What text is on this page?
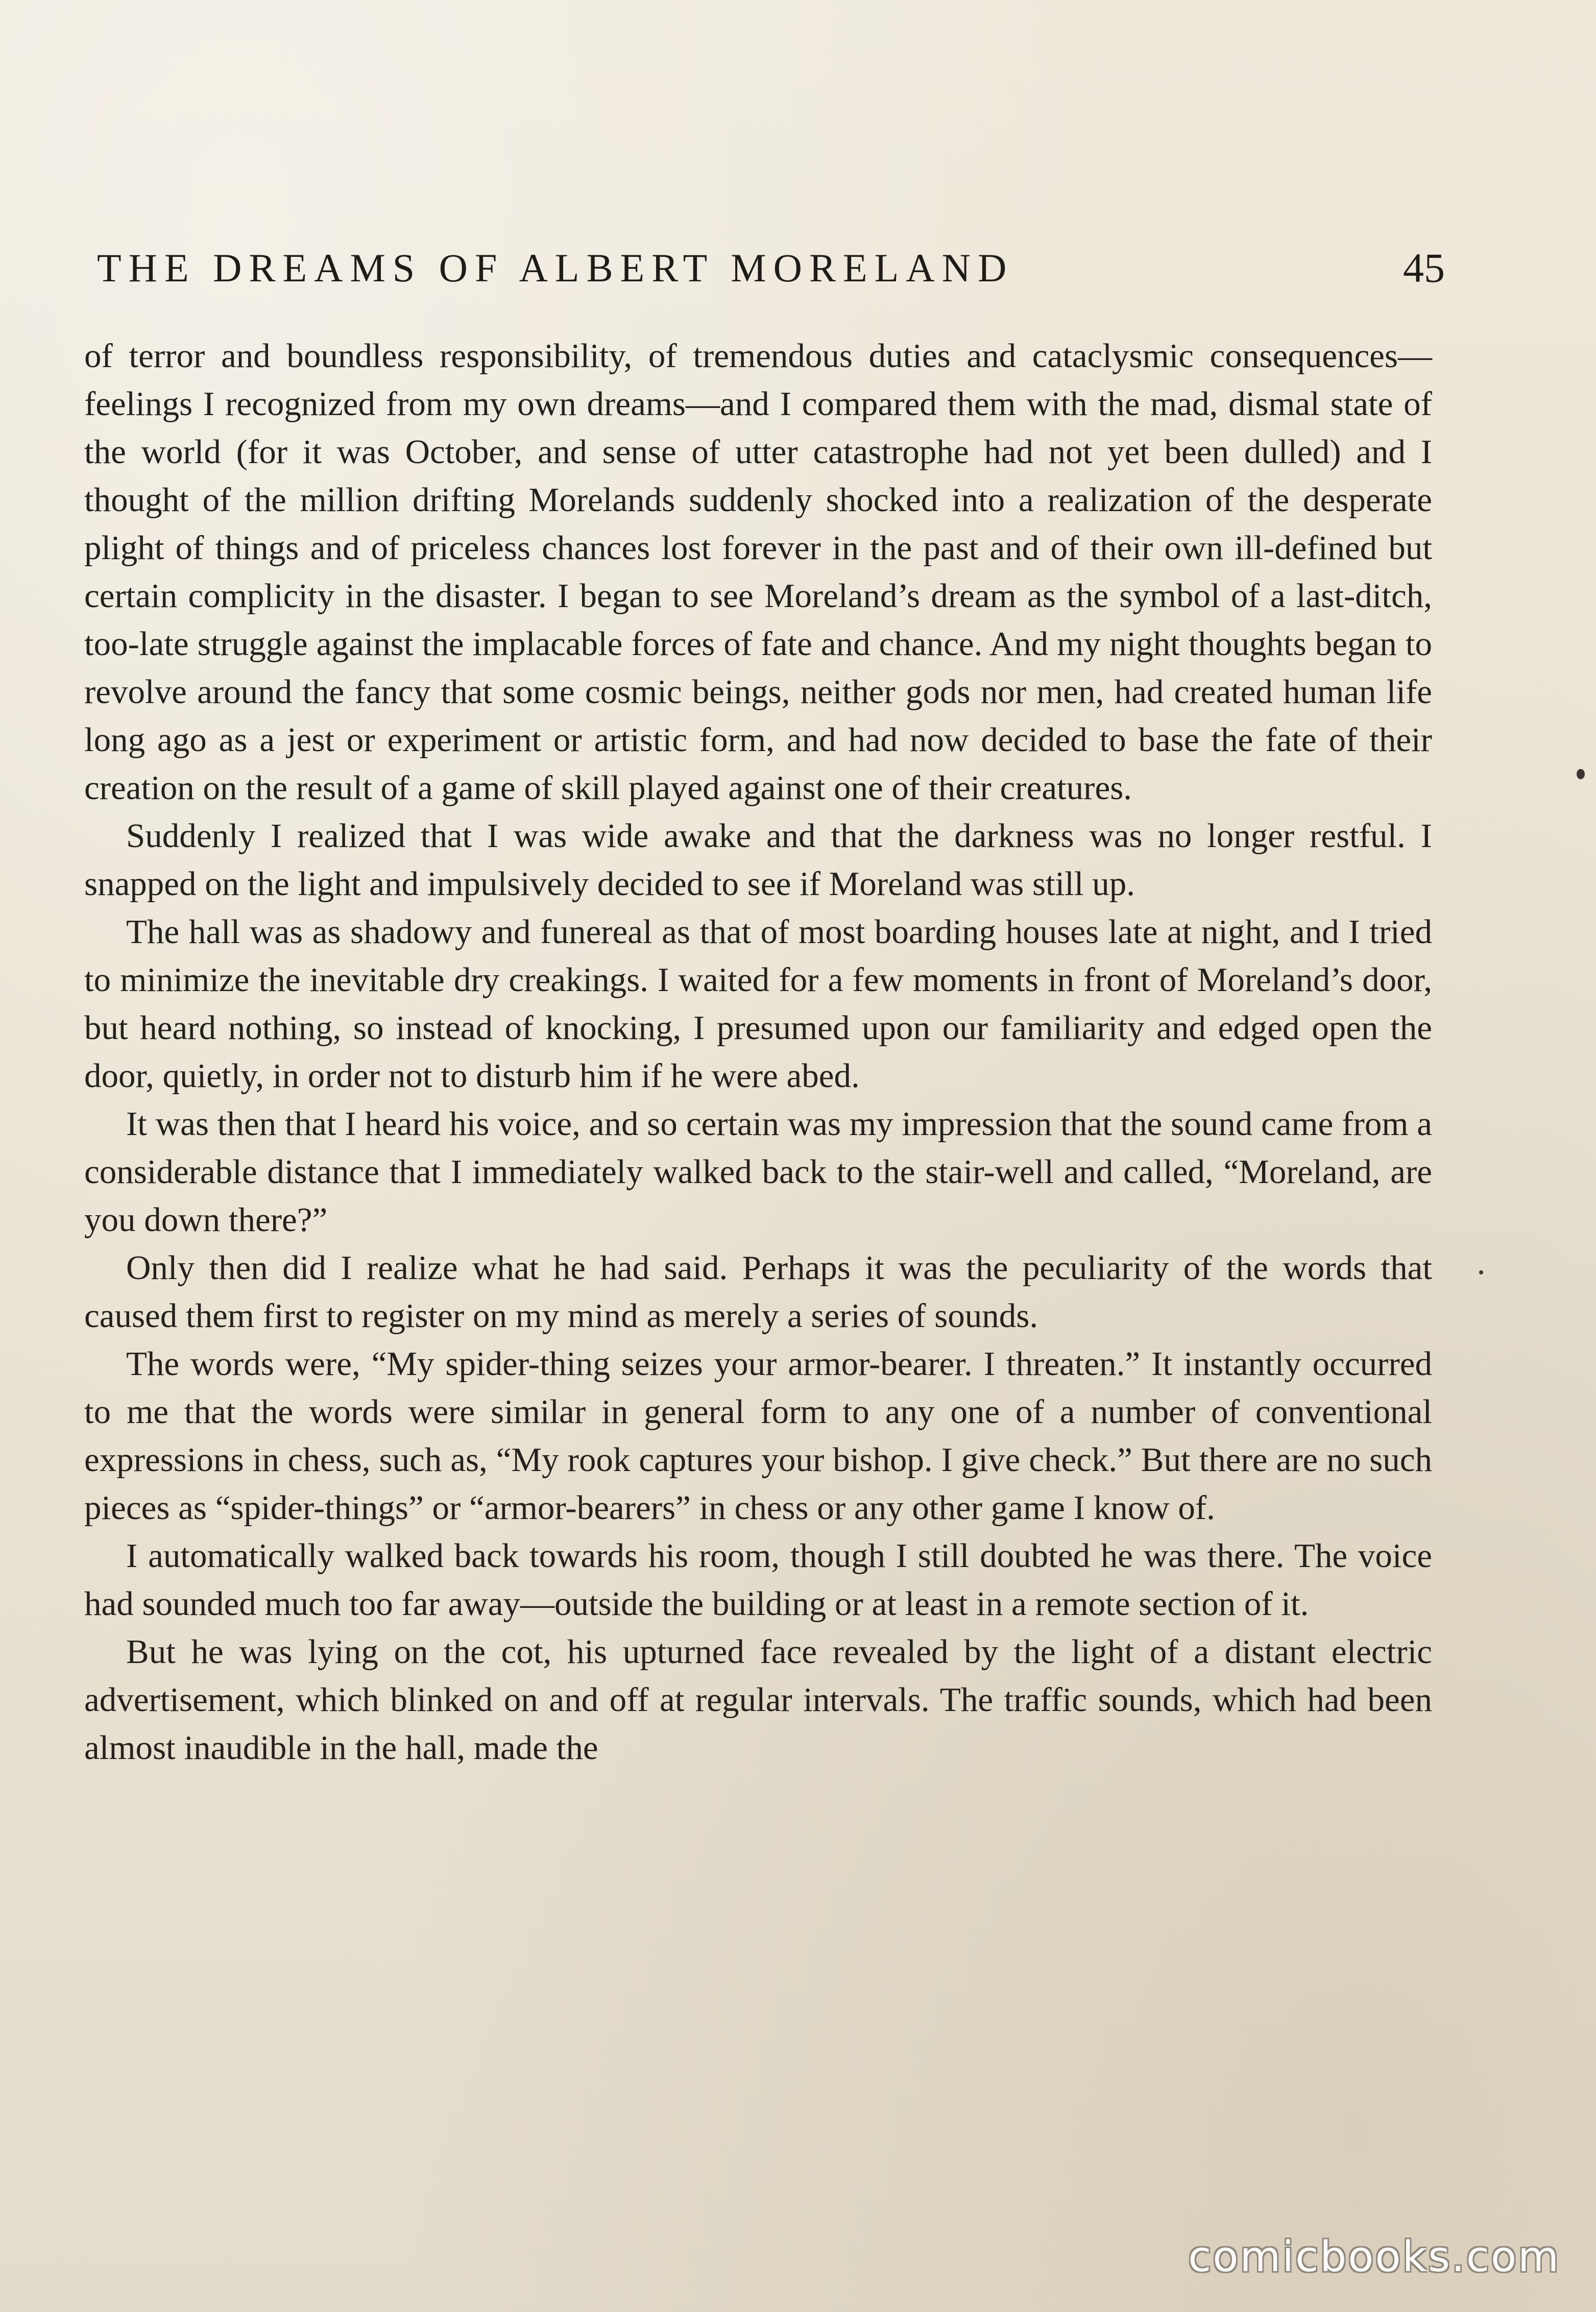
THE DREAMS OF ALBERT MORELAND	45

of terror and boundless responsibility, of tremendous duties and cataclysmic consequences—feelings I recognized from my own dreams—and I compared them with the mad, dismal state of the world (for it was October, and sense of utter catastrophe had not yet been dulled) and I thought of the million drifting Morelands suddenly shocked into a realization of the desperate plight of things and of priceless chances lost forever in the past and of their own ill-defined but certain complicity in the disaster. I began to see Moreland’s dream as the symbol of a last-ditch, too-late struggle against the implacable forces of fate and chance. And my night thoughts began to revolve around the fancy that some cosmic beings, neither gods nor men, had created human life long ago as a jest or experiment or artistic form, and had now decided to base the fate of their creation on the result of a game of skill played against one of their creatures.

Suddenly I realized that I was wide awake and that the darkness was no longer restful. I snapped on the light and impulsively decided to see if Moreland was still up.

The hall was as shadowy and funereal as that of most boarding houses late at night, and I tried to minimize the inevitable dry creakings. I waited for a few moments in front of Moreland’s door, but heard nothing, so instead of knocking, I presumed upon our familiarity and edged open the door, quietly, in order not to disturb him if he were abed.

It was then that I heard his voice, and so certain was my impression that the sound came from a considerable distance that I immediately walked back to the stair-well and called, “Moreland, are you down there?”

Only then did I realize what he had said. Perhaps it was the peculiarity of the words that caused them first to register on my mind as merely a series of sounds.

The words were, “My spider-thing seizes your armor-bearer. I threaten.” It instantly occurred to me that the words were similar in general form to any one of a number of conventional expressions in chess, such as, “My rook captures your bishop. I give check.” But there are no such pieces as “spider-things” or “armor-bearers” in chess or any other game I know of.

I automatically walked back towards his room, though I still doubted he was there. The voice had sounded much too far away—outside the building or at least in a remote section of it.

But he was lying on the cot, his upturned face revealed by the light of a distant electric advertisement, which blinked on and off at regular intervals. The traffic sounds, which had been almost inaudible in the hall, made the

comicbooks.com
